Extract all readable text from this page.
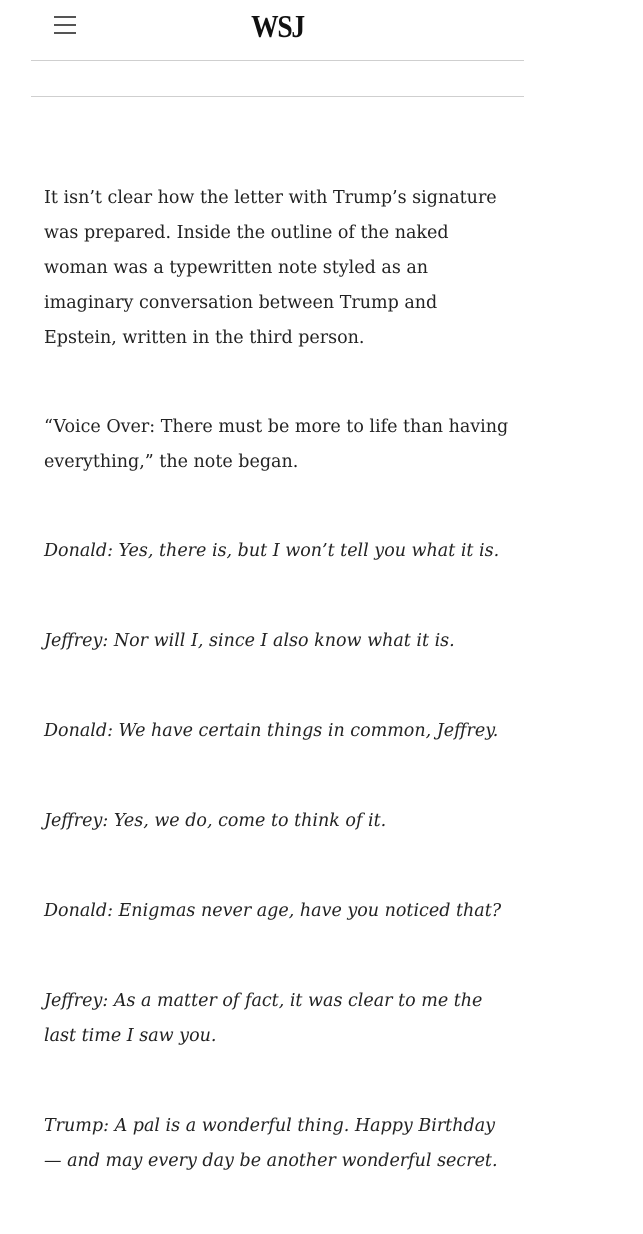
WSJ

It isn’t clear how the letter with Trump’s signature
was prepared. Inside the outline of the naked
woman was a typewritten note styled as an
imaginary conversation between Trump and
Epstein, written in the third person.

“Voice Over: There must be more to life than having
everything,” the note began.

Donald: Yes, there is, but I won’t tell you what it is.

Jeffrey: Nor will I, since I also know what it is.

Donald: We have certain things in common, Jeffrey.

Jeffrey: Yes, we do, come to think of it.

Donald: Enigmas never age, have you noticed that?

Jeffrey: As a matter of fact, it was clear to me the
last time I saw you.

Trump: A pal is a wonderful thing. Happy Birthday
— and may every day be another wonderful secret.
